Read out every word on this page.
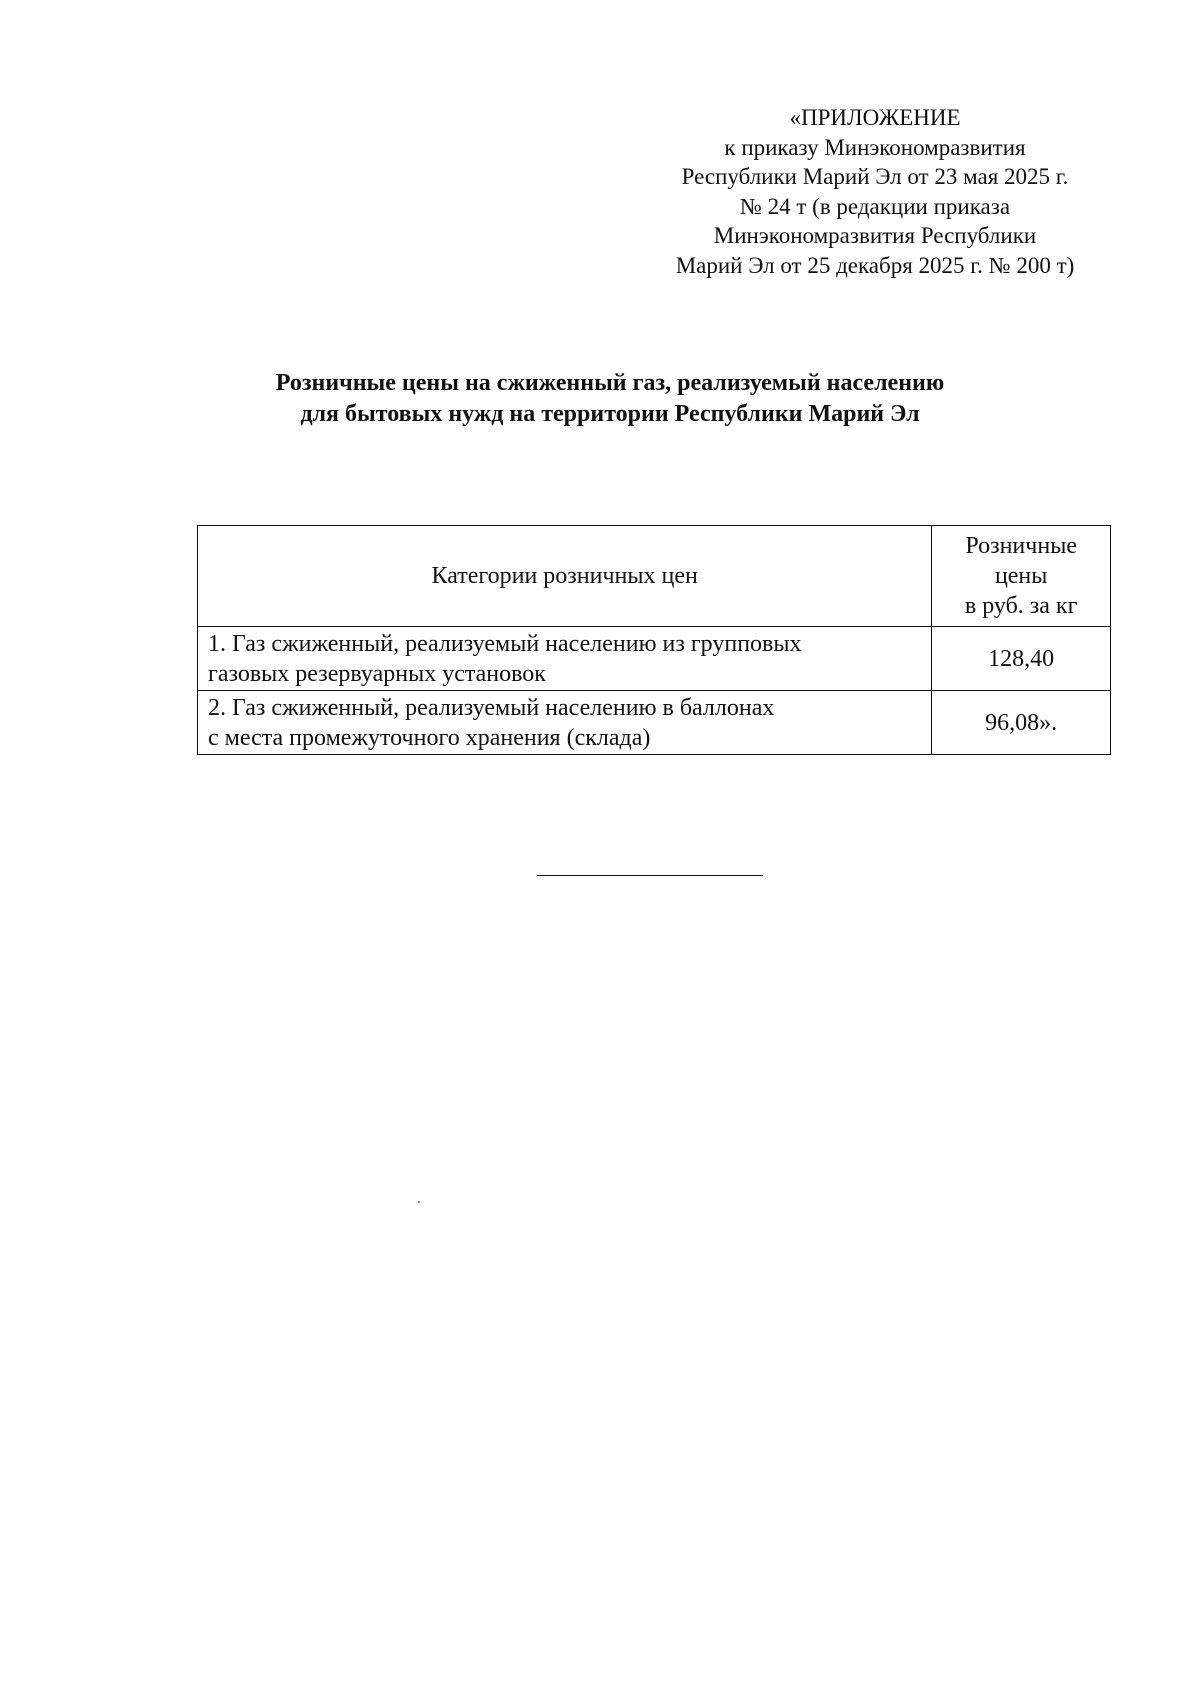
«ПРИЛОЖЕНИЕ
к приказу Минэкономразвития
Республики Марий Эл от 23 мая 2025 г.
№ 24 т (в редакции приказа
Минэкономразвития Республики
Марий Эл от 25 декабря 2025 г. № 200 т)
Розничные цены на сжиженный газ, реализуемый населению
для бытовых нужд на территории Республики Марий Эл
Категории розничных цен	Розничные
цены
в руб. за кг

1. Газ сжиженный, реализуемый населению из групповых
газовых резервуарных установок	128,40

2. Газ сжиженный, реализуемый населению в баллонах
с места промежуточного хранения (склада)	96,08».
